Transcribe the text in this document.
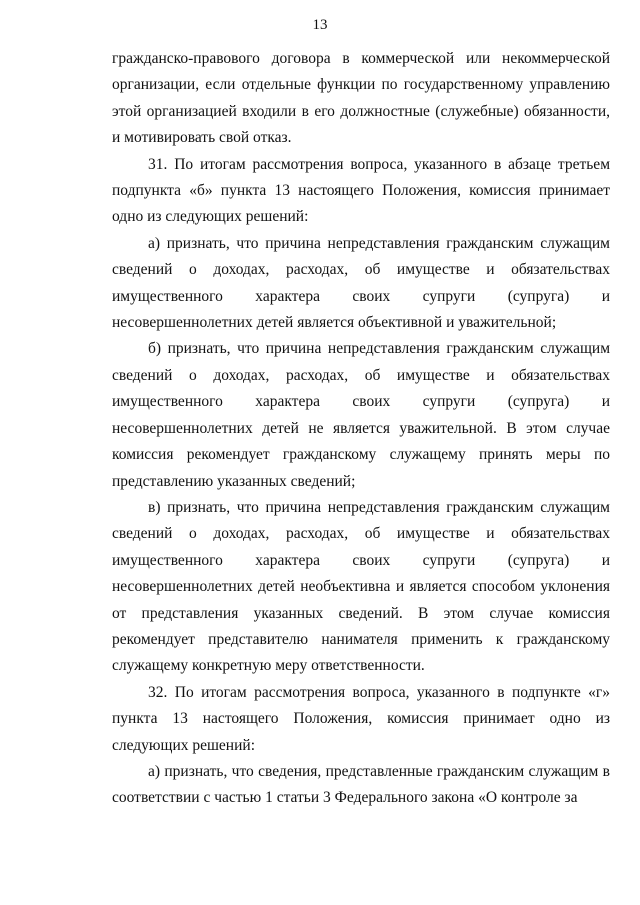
13

гражданско-правового договора в коммерческой или некоммерческой организации, если отдельные функции по государственному управлению этой организацией входили в его должностные (служебные) обязанности, и мотивировать свой отказ.

31. По итогам рассмотрения вопроса, указанного в абзаце третьем подпункта «б» пункта 13 настоящего Положения, комиссия принимает одно из следующих решений:

а) признать, что причина непредставления гражданским служащим сведений о доходах, расходах, об имуществе и обязательствах имущественного характера своих супруги (супруга) и несовершеннолетних детей является объективной и уважительной;

б) признать, что причина непредставления гражданским служащим сведений о доходах, расходах, об имуществе и обязательствах имущественного характера своих супруги (супруга) и несовершеннолетних детей не является уважительной. В этом случае комиссия рекомендует гражданскому служащему принять меры по представлению указанных сведений;

в) признать, что причина непредставления гражданским служащим сведений о доходах, расходах, об имуществе и обязательствах имущественного характера своих супруги (супруга) и несовершеннолетних детей необъективна и является способом уклонения от представления указанных сведений. В этом случае комиссия рекомендует представителю нанимателя применить к гражданскому служащему конкретную меру ответственности.

32. По итогам рассмотрения вопроса, указанного в подпункте «г» пункта 13 настоящего Положения, комиссия принимает одно из следующих решений:

а) признать, что сведения, представленные гражданским служащим в соответствии с частью 1 статьи 3 Федерального закона «О контроле за
